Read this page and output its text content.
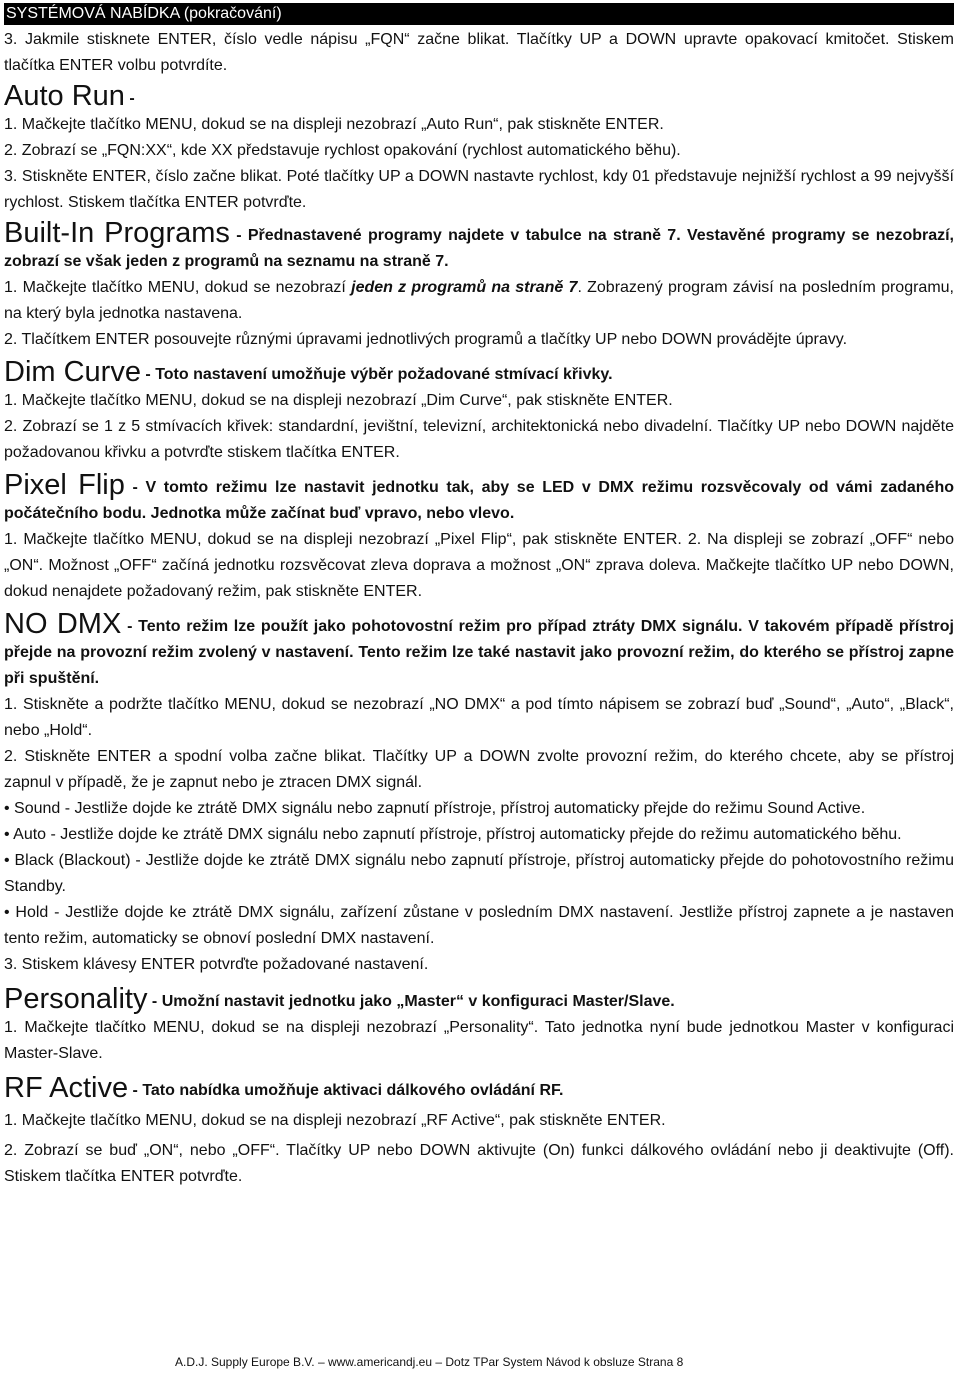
SYSTÉMOVÁ NABÍDKA (pokračování)

3. Jakmile stisknete ENTER, číslo vedle nápisu „FQN“ začne blikat. Tlačítky UP a DOWN upravte opakovací kmitočet. Stiskem tlačítka ENTER volbu potvrdíte.

Auto Run -

1. Mačkejte tlačítko MENU, dokud se na displeji nezobrazí „Auto Run“, pak stiskněte ENTER.

2. Zobrazí se „FQN:XX“, kde XX představuje rychlost opakování (rychlost automatického běhu).

3. Stiskněte ENTER, číslo začne blikat. Poté tlačítky UP a DOWN nastavte rychlost, kdy 01 představuje nejnižší rychlost a 99 nejvyšší rychlost. Stiskem tlačítka ENTER potvrďte.

Built-In Programs - Přednastavené programy najdete v tabulce na straně 7. Vestavěné programy se nezobrazí, zobrazí se však jeden z programů na seznamu na straně 7.

1. Mačkejte tlačítko MENU, dokud se nezobrazí jeden z programů na straně 7. Zobrazený program závisí na posledním programu, na který byla jednotka nastavena.

2. Tlačítkem ENTER posouvejte různými úpravami jednotlivých programů a tlačítky UP nebo DOWN provádějte úpravy.

Dim Curve - Toto nastavení umožňuje výběr požadované stmívací křivky.

1. Mačkejte tlačítko MENU, dokud se na displeji nezobrazí „Dim Curve“, pak stiskněte ENTER.

2. Zobrazí se 1 z 5 stmívacích křivek: standardní, jevištní, televizní, architektonická nebo divadelní. Tlačítky UP nebo DOWN najděte požadovanou křivku a potvrďte stiskem tlačítka ENTER.

Pixel Flip - V tomto režimu lze nastavit jednotku tak, aby se LED v DMX režimu rozsvěcovaly od vámi zadaného počátečního bodu. Jednotka může začínat buď vpravo, nebo vlevo.

1. Mačkejte tlačítko MENU, dokud se na displeji nezobrazí „Pixel Flip“, pak stiskněte ENTER. 2. Na displeji se zobrazí „OFF“ nebo „ON“. Možnost „OFF“ začíná jednotku rozsvěcovat zleva doprava a možnost „ON“ zprava doleva. Mačkejte tlačítko UP nebo DOWN, dokud nenajdete požadovaný režim, pak stiskněte ENTER.

NO DMX - Tento režim lze použít jako pohotovostní režim pro případ ztráty DMX signálu. V takovém případě přístroj přejde na provozní režim zvolený v nastavení. Tento režim lze také nastavit jako provozní režim, do kterého se přístroj zapne při spuštění.

1. Stiskněte a podržte tlačítko MENU, dokud se nezobrazí „NO DMX“ a pod tímto nápisem se zobrazí buď „Sound“, „Auto“, „Black“, nebo „Hold“.

2. Stiskněte ENTER a spodní volba začne blikat. Tlačítky UP a DOWN zvolte provozní režim, do kterého chcete, aby se přístroj zapnul v případě, že je zapnut nebo je ztracen DMX signál.

• Sound - Jestliže dojde ke ztrátě DMX signálu nebo zapnutí přístroje, přístroj automaticky přejde do režimu Sound Active.

• Auto - Jestliže dojde ke ztrátě DMX signálu nebo zapnutí přístroje, přístroj automaticky přejde do režimu automatického běhu.

• Black (Blackout) - Jestliže dojde ke ztrátě DMX signálu nebo zapnutí přístroje, přístroj automaticky přejde do pohotovostního režimu Standby.

• Hold - Jestliže dojde ke ztrátě DMX signálu, zařízení zůstane v posledním DMX nastavení. Jestliže přístroj zapnete a je nastaven tento režim, automaticky se obnoví poslední DMX nastavení.

3. Stiskem klávesy ENTER potvrďte požadované nastavení.

Personality - Umožní nastavit jednotku jako „Master“ v konfiguraci Master/Slave.

1. Mačkejte tlačítko MENU, dokud se na displeji nezobrazí „Personality“. Tato jednotka nyní bude jednotkou Master v konfiguraci Master-Slave.

RF Active - Tato nabídka umožňuje aktivaci dálkového ovládání RF.

1. Mačkejte tlačítko MENU, dokud se na displeji nezobrazí „RF Active“, pak stiskněte ENTER.

2. Zobrazí se buď „ON“, nebo „OFF“. Tlačítky UP nebo DOWN aktivujte (On) funkci dálkového ovládání nebo ji deaktivujte (Off). Stiskem tlačítka ENTER potvrďte.

A.D.J. Supply Europe B.V. – www.americandj.eu – Dotz TPar System Návod k obsluze Strana 8
